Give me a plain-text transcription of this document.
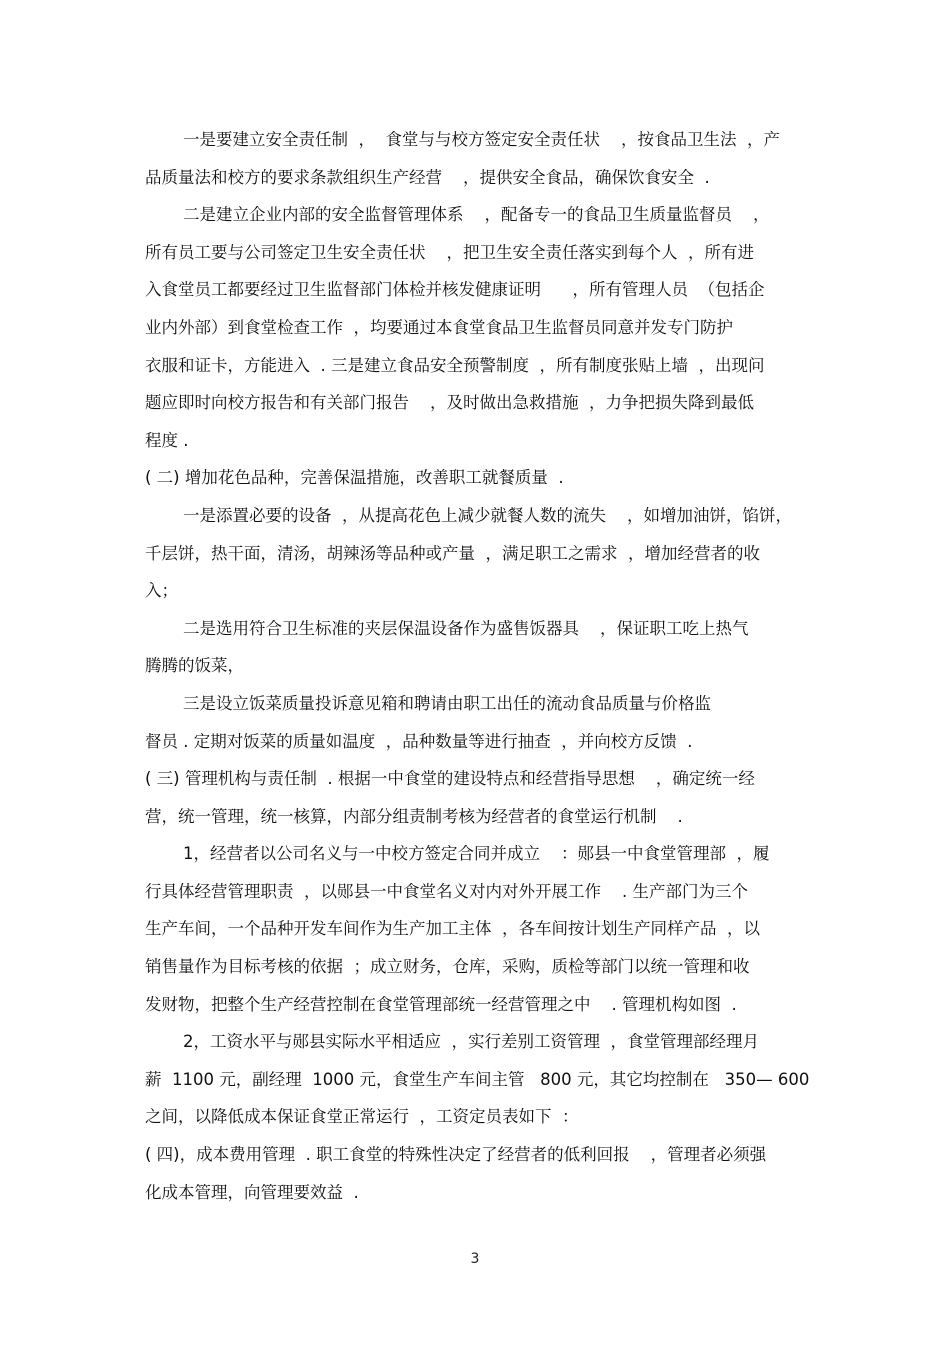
一是要建立安全责任制  ，  食堂与与校方签定安全责任状    ，按食品卫生法  ，产
品质量法和校方的要求条款组织生产经营    ，提供安全食品，确保饮食安全  .
二是建立企业内部的安全监督管理体系    ，配备专一的食品卫生质量监督员    ，
所有员工要与公司签定卫生安全责任状    ，把卫生安全责任落实到每个人  ，所有进
入食堂员工都要经过卫生监督部门体检并核发健康证明      ，所有管理人员  （包括企
业内外部）到食堂检查工作  ，均要通过本食堂食品卫生监督员同意并发专门防护
衣服和证卡，方能进入  . 三是建立食品安全预警制度  ，所有制度张贴上墙  ，出现问
题应即时向校方报告和有关部门报告    ，及时做出急救措施  ，力争把损失降到最低
程度 .
( 二) 增加花色品种，完善保温措施，改善职工就餐质量  .
一是添置必要的设备  ，从提高花色上减少就餐人数的流失    ，如增加油饼，馅饼，
千层饼，热干面，清汤，胡辣汤等品种或产量  ，满足职工之需求  ，增加经营者的收
入；
二是选用符合卫生标准的夹层保温设备作为盛售饭器具    ，保证职工吃上热气
腾腾的饭菜，
三是设立饭菜质量投诉意见箱和聘请由职工出任的流动食品质量与价格监
督员 . 定期对饭菜的质量如温度  ，品种数量等进行抽查  ，并向校方反馈  .
( 三) 管理机构与责任制  . 根据一中食堂的建设特点和经营指导思想    ，确定统一经
营，统一管理，统一核算，内部分组责制考核为经营者的食堂运行机制    .
1，经营者以公司名义与一中校方签定合同并成立    ：郧县一中食堂管理部  ，履
行具体经营管理职责  ，以郧县一中食堂名义对内对外开展工作    . 生产部门为三个
生产车间，一个品种开发车间作为生产加工主体  ，各车间按计划生产同样产品  ，以
销售量作为目标考核的依据  ；成立财务，仓库，采购，质检等部门以统一管理和收
发财物，把整个生产经营控制在食堂管理部统一经营管理之中    . 管理机构如图  .
2，工资水平与郧县实际水平相适应  ，实行差别工资管理  ，食堂管理部经理月
薪  1100 元，副经理  1000 元，食堂生产车间主管   800 元，其它均控制在   350— 600
之间，以降低成本保证食堂正常运行  ，工资定员表如下  ：
( 四)，成本费用管理  . 职工食堂的特殊性决定了经营者的低利回报    ，管理者必须强
化成本管理，向管理要效益  .
3
